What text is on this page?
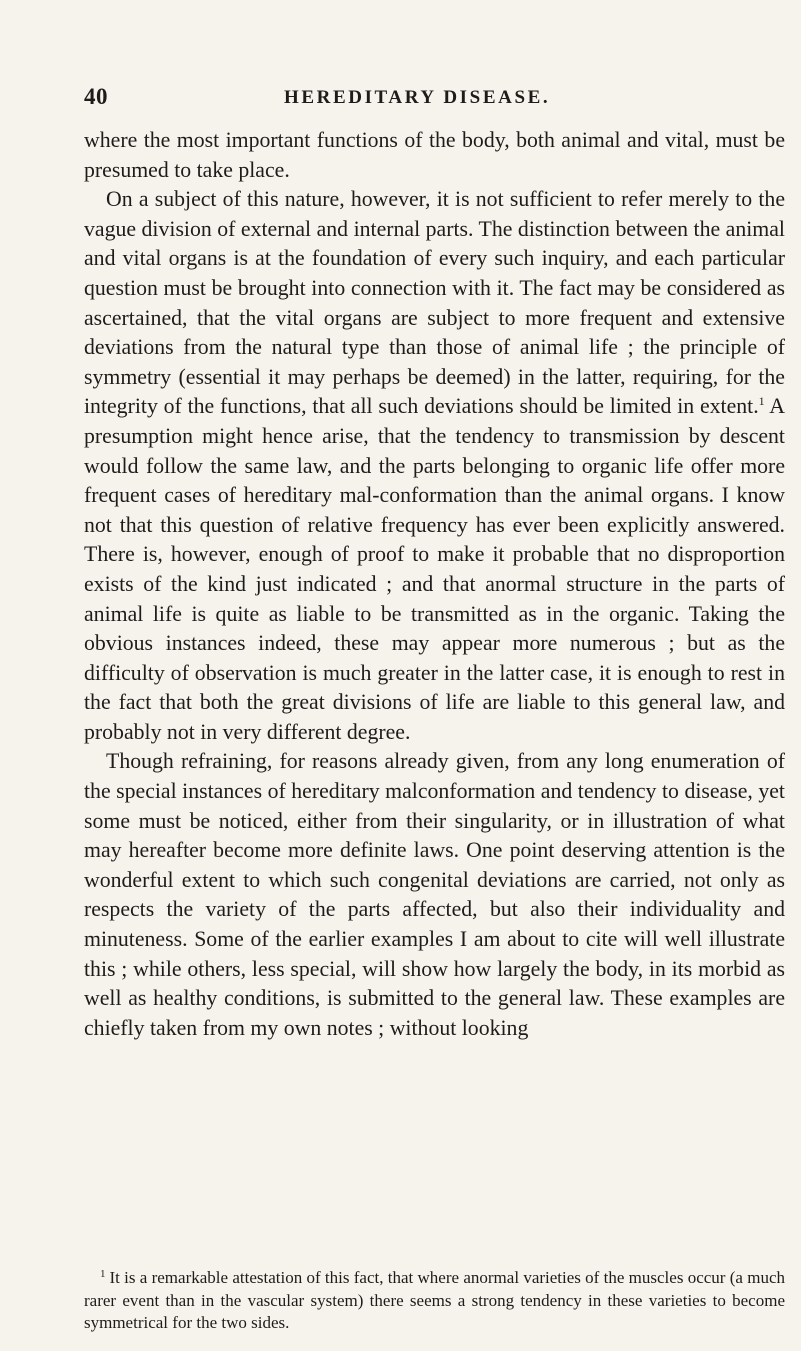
40	HEREDITARY DISEASE.

where the most important functions of the body, both animal and vital, must be presumed to take place.

On a subject of this nature, however, it is not sufficient to refer merely to the vague division of external and internal parts. The distinction between the animal and vital organs is at the foundation of every such inquiry, and each particular question must be brought into connection with it. The fact may be considered as ascertained, that the vital organs are subject to more frequent and extensive deviations from the natural type than those of animal life ; the principle of symmetry (essential it may perhaps be deemed) in the latter, requiring, for the integrity of the functions, that all such deviations should be limited in extent.$^1$ A presumption might hence arise, that the tendency to transmission by descent would follow the same law, and the parts belonging to organic life offer more frequent cases of hereditary mal-conformation than the animal organs. I know not that this question of relative frequency has ever been explicitly answered. There is, however, enough of proof to make it probable that no disproportion exists of the kind just indicated ; and that anormal structure in the parts of animal life is quite as liable to be transmitted as in the organic. Taking the obvious instances indeed, these may appear more numerous ; but as the difficulty of observation is much greater in the latter case, it is enough to rest in the fact that both the great divisions of life are liable to this general law, and probably not in very different degree.

Though refraining, for reasons already given, from any long enumeration of the special instances of hereditary malconformation and tendency to disease, yet some must be noticed, either from their singularity, or in illustration of what may hereafter become more definite laws. One point deserving attention is the wonderful extent to which such congenital deviations are carried, not only as respects the variety of the parts affected, but also their individuality and minuteness. Some of the earlier examples I am about to cite will well illustrate this ; while others, less special, will show how largely the body, in its morbid as well as healthy conditions, is submitted to the general law. These examples are chiefly taken from my own notes ; without looking

$^1$ It is a remarkable attestation of this fact, that where anormal varieties of the muscles occur (a much rarer event than in the vascular system) there seems a strong tendency in these varieties to become symmetrical for the two sides.
